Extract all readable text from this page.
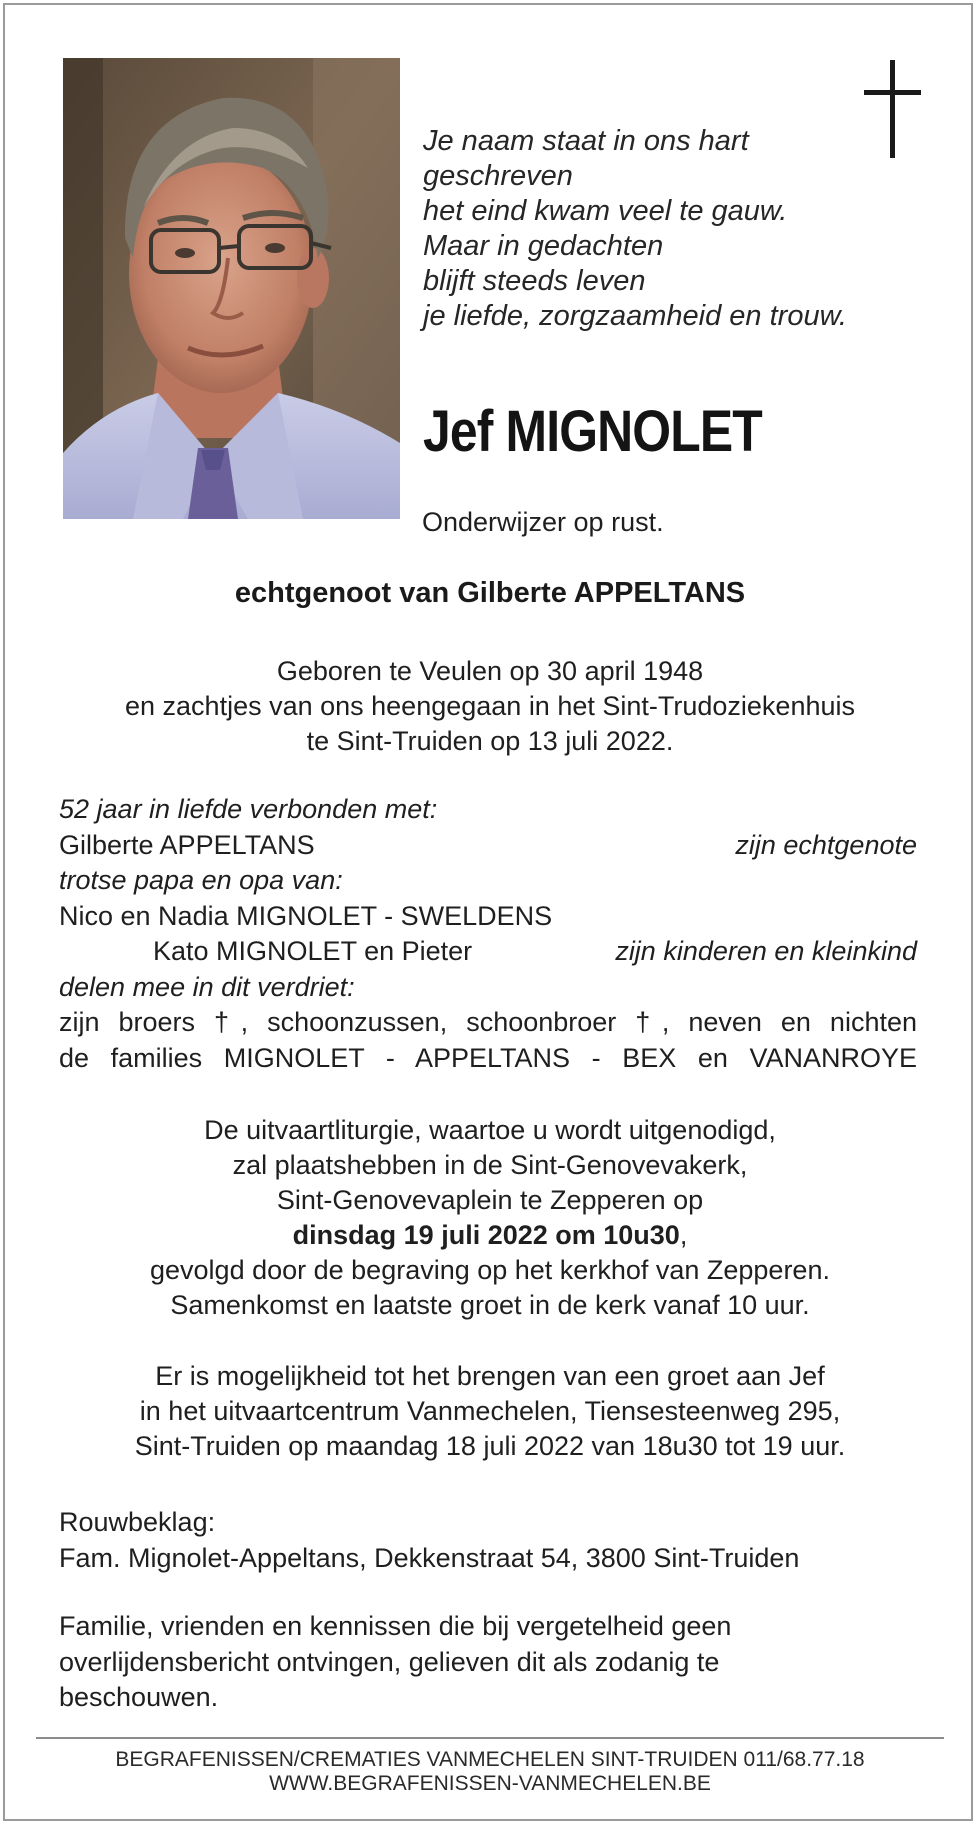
Je naam staat in ons hart
geschreven
het eind kwam veel te gauw.
Maar in gedachten
blijft steeds leven
je liefde, zorgzaamheid en trouw.
Jef MIGNOLET
Onderwijzer op rust.
echtgenoot van Gilberte APPELTANS
Geboren te Veulen op 30 april 1948
en zachtjes van ons heengegaan in het Sint-Trudoziekenhuis
te Sint-Truiden op 13 juli 2022.
52 jaar in liefde verbonden met:
Gilberte APPELTANS	zijn echtgenote
trotse papa en opa van:
Nico en Nadia MIGNOLET - SWELDENS
Kato MIGNOLET en Pieter	zijn kinderen en kleinkind
delen mee in dit verdriet:
zijn broers †, schoonzussen, schoonbroer †, neven en nichten
de families MIGNOLET - APPELTANS - BEX en VANANROYE
De uitvaartliturgie, waartoe u wordt uitgenodigd,
zal plaatshebben in de Sint-Genovevakerk,
Sint-Genovevaplein te Zepperen op
dinsdag 19 juli 2022 om 10u30,
gevolgd door de begraving op het kerkhof van Zepperen.
Samenkomst en laatste groet in de kerk vanaf 10 uur.
Er is mogelijkheid tot het brengen van een groet aan Jef
in het uitvaartcentrum Vanmechelen, Tiensesteenweg 295,
Sint-Truiden op maandag 18 juli 2022 van 18u30 tot 19 uur.
Rouwbeklag:
Fam. Mignolet-Appeltans, Dekkenstraat 54, 3800 Sint-Truiden
Familie, vrienden en kennissen die bij vergetelheid geen
overlijdensbericht ontvingen, gelieven dit als zodanig te
beschouwen.
BEGRAFENISSEN/CREMATIES VANMECHELEN SINT-TRUIDEN 011/68.77.18
WWW.BEGRAFENISSEN-VANMECHELEN.BE
